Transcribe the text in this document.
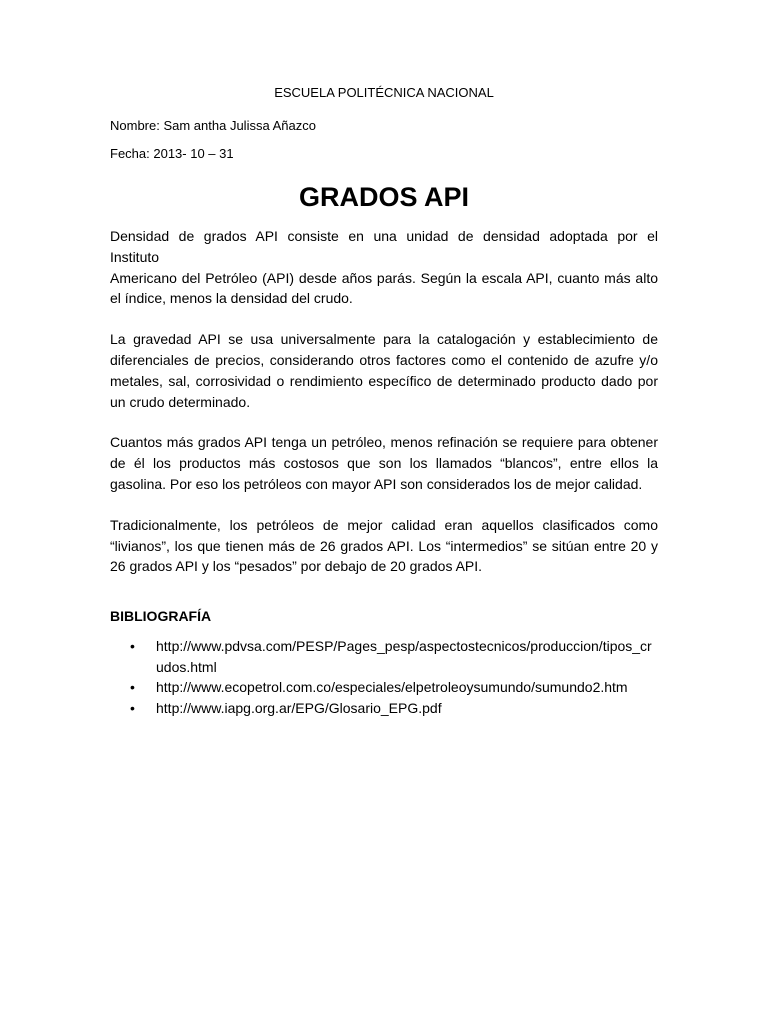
ESCUELA POLITÉCNICA NACIONAL

Nombre: Sam antha Julissa Añazco

Fecha: 2013- 10 – 31

GRADOS API
Densidad de grados API consiste en una unidad de densidad adoptada por el
Instituto
Americano del Petróleo (API) desde años parás. Según la escala API, cuanto más alto el índice, menos la densidad del crudo.

La gravedad API se usa universalmente para la catalogación y establecimiento de diferenciales de precios, considerando otros factores como el contenido de azufre y/o metales, sal, corrosividad o rendimiento específico de determinado producto dado por un crudo determinado.

Cuantos más grados API tenga un petróleo, menos refinación se requiere para obtener de él los productos más costosos que son los llamados “blancos”, entre ellos la gasolina. Por eso los petróleos con mayor API son considerados los de mejor calidad.

Tradicionalmente, los petróleos de mejor calidad eran aquellos clasificados como “livianos”, los que tienen más de 26 grados API. Los “intermedios” se sitúan entre 20 y 26 grados API y los “pesados” por debajo de 20 grados API.

BIBLIOGRAFÍA

• http://www.pdvsa.com/PESP/Pages_pesp/aspectostecnicos/produccion/tipos_crudos.html
• http://www.ecopetrol.com.co/especiales/elpetroleoysumundo/sumundo2.htm
• http://www.iapg.org.ar/EPG/Glosario_EPG.pdf
